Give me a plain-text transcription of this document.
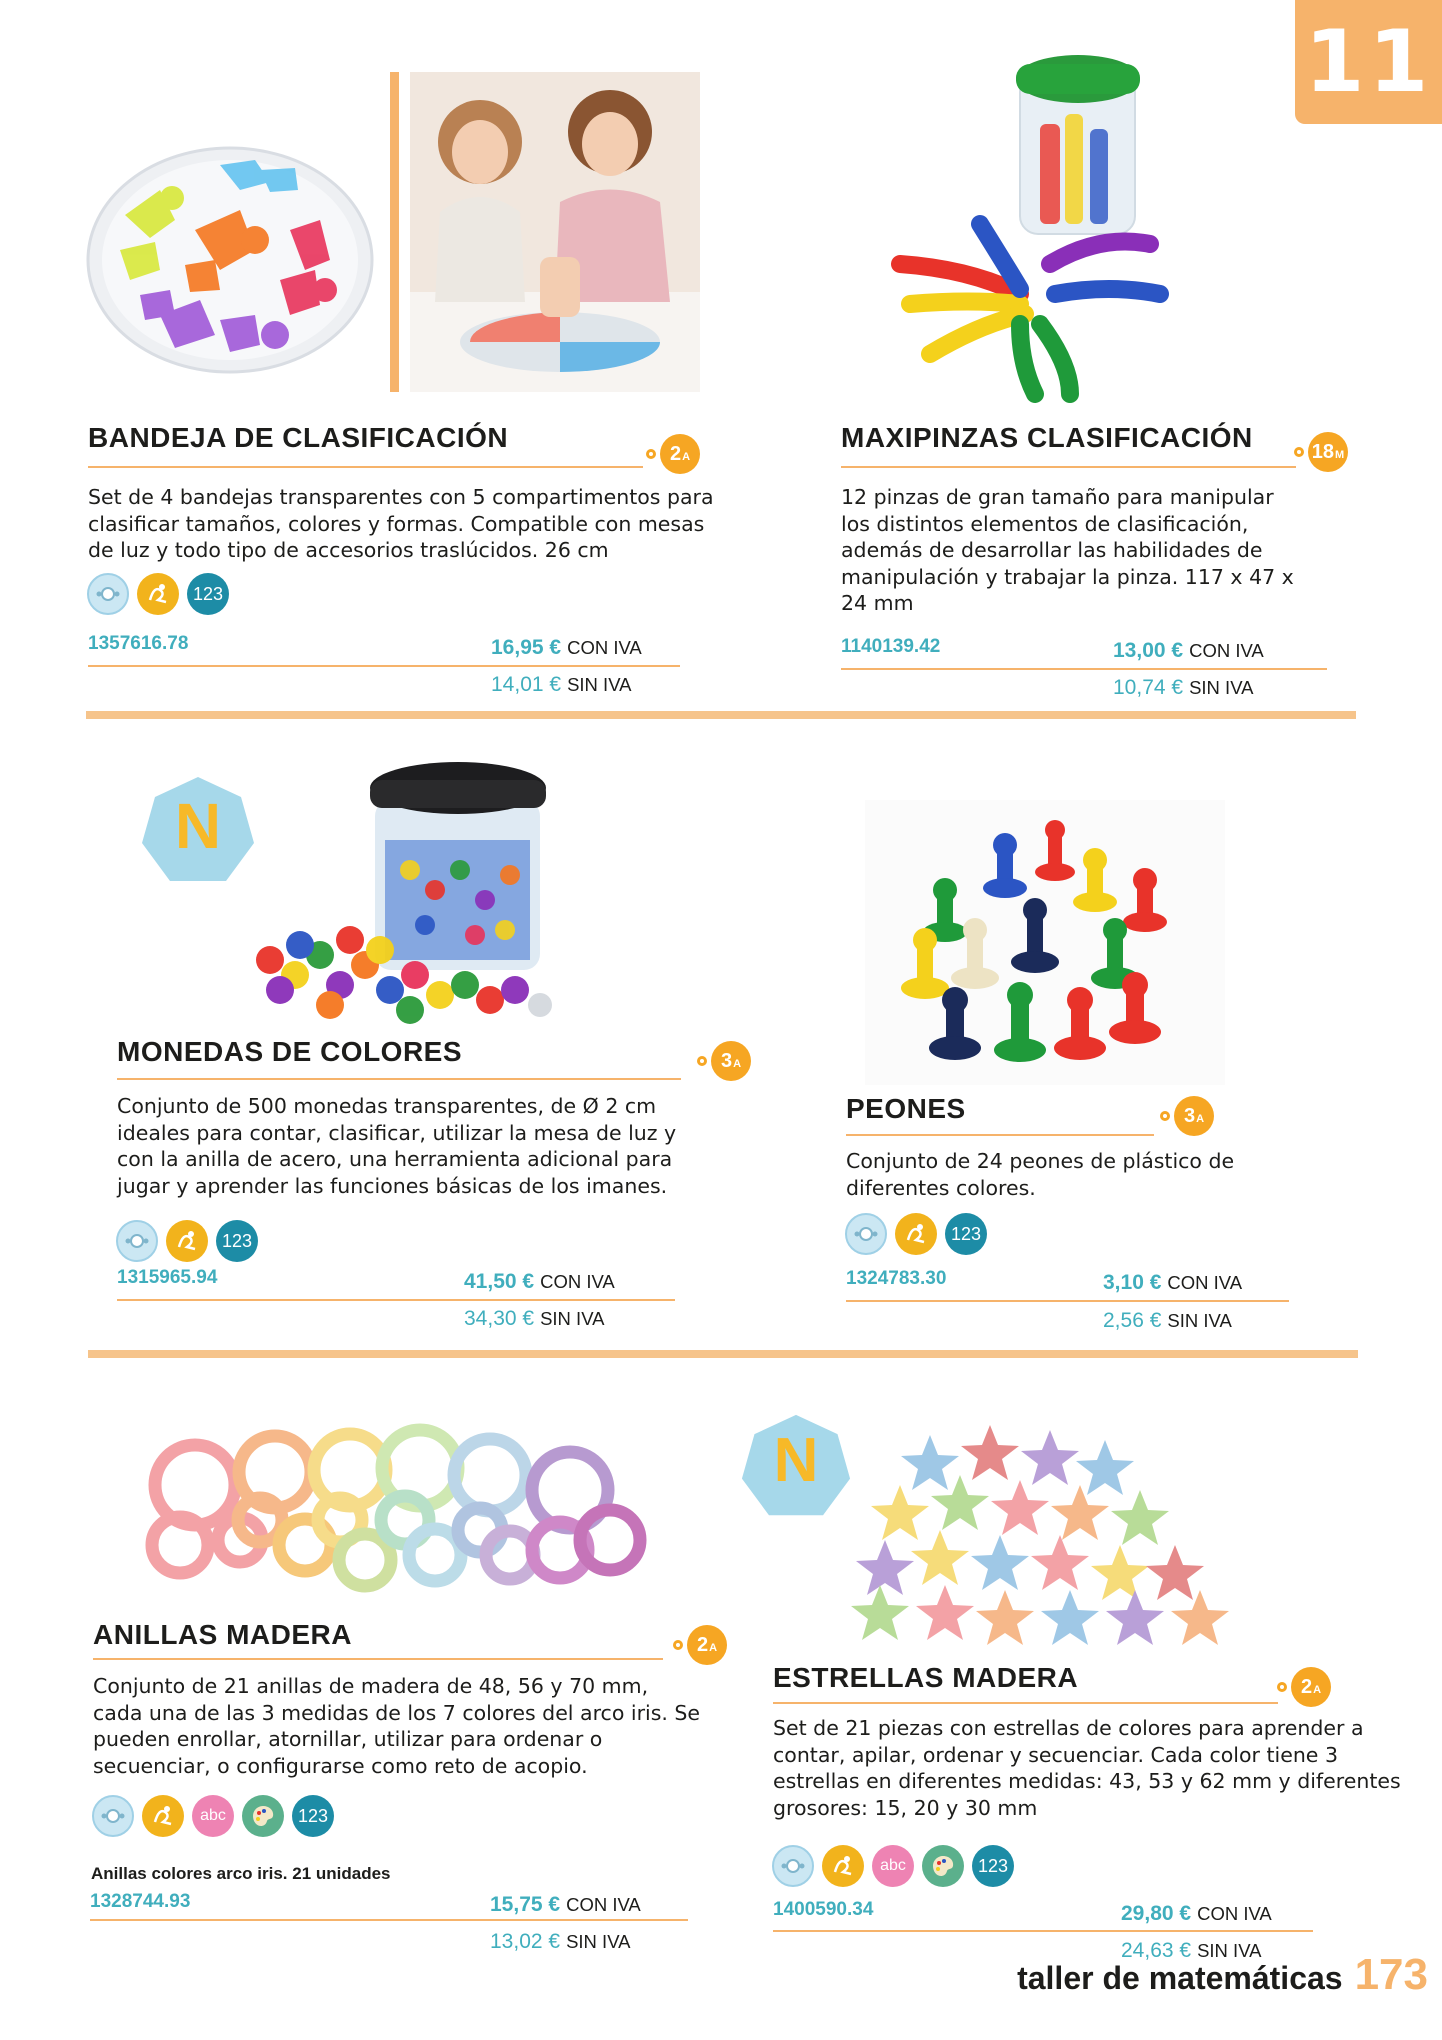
11
BANDEJA DE CLASIFICACIÓN
2 A
Set de 4 bandejas transparentes con 5 compartimentos para clasificar tamaños, colores y formas. Compatible con mesas de luz y todo tipo de accesorios traslúcidos. 26 cm
123
1357616.78	16,95 € CON IVA
14,01 € SIN IVA
MAXIPINZAS CLASIFICACIÓN	18 M
12 pinzas de gran tamaño para manipular los distintos elementos de clasificación, además de desarrollar las habilidades de manipulación y trabajar la pinza. 117 x 47 x 24 mm
1140139.42	13,00 € CON IVA
10,74 € SIN IVA
N
MONEDAS DE COLORES	3 A
Conjunto de 500 monedas transparentes, de Ø 2 cm ideales para contar, clasificar, utilizar la mesa de luz y con la anilla de acero, una herramienta adicional para jugar y aprender las funciones básicas de los imanes.
123
1315965.94	41,50 € CON IVA
34,30 € SIN IVA
PEONES	3 A
Conjunto de 24 peones de plástico de diferentes colores.
123
1324783.30	3,10 € CON IVA
2,56 € SIN IVA
ANILLAS MADERA	2 A
Conjunto de 21 anillas de madera de 48, 56 y 70 mm, cada una de las 3 medidas de los 7 colores del arco iris. Se pueden enrollar, atornillar, utilizar para ordenar o secuenciar, o configurarse como reto de acopio.
abc	123
Anillas colores arco iris. 21 unidades
1328744.93	15,75 € CON IVA
13,02 € SIN IVA
N
ESTRELLAS MADERA	2 A
Set de 21 piezas con estrellas de colores para aprender a contar, apilar, ordenar y secuenciar. Cada color tiene 3 estrellas en diferentes medidas: 43, 53 y 62 mm y diferentes grosores: 15, 20 y 30 mm
abc	123
1400590.34	29,80 € CON IVA
24,63 € SIN IVA
taller de matemáticas 173
